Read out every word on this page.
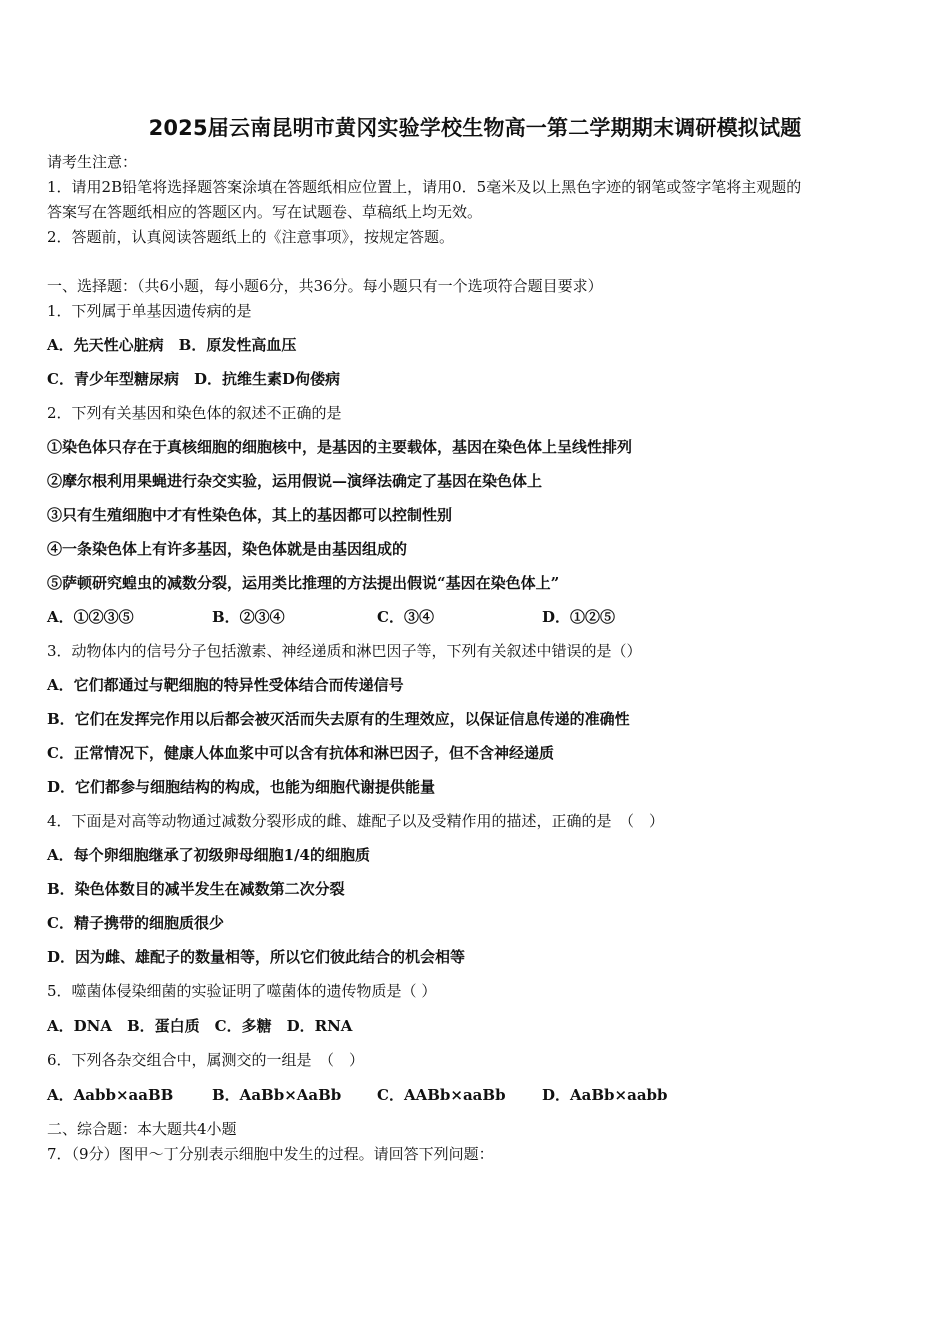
2025届云南昆明市黄冈实验学校生物高一第二学期期末调研模拟试题
请考生注意：
1．请用2B铅笔将选择题答案涂填在答题纸相应位置上，请用0．5毫米及以上黑色字迹的钢笔或签字笔将主观题的
答案写在答题纸相应的答题区内。写在试题卷、草稿纸上均无效。
2．答题前，认真阅读答题纸上的《注意事项》，按规定答题。
一、选择题：（共6小题，每小题6分，共36分。每小题只有一个选项符合题目要求）
1．下列属于单基因遗传病的是
A．先天性心脏病　B．原发性高血压
C．青少年型糖尿病　D．抗维生素D佝偻病
2．下列有关基因和染色体的叙述不正确的是
①染色体只存在于真核细胞的细胞核中，是基因的主要载体，基因在染色体上呈线性排列
②摩尔根利用果蝇进行杂交实验，运用假说—演绎法确定了基因在染色体上
③只有生殖细胞中才有性染色体，其上的基因都可以控制性别
④一条染色体上有许多基因，染色体就是由基因组成的
⑤萨顿研究蝗虫的减数分裂，运用类比推理的方法提出假说“基因在染色体上”
A．①②③⑤	B．②③④	C．③④	D．①②⑤
3．动物体内的信号分子包括激素、神经递质和淋巴因子等，下列有关叙述中错误的是（）
A．它们都通过与靶细胞的特异性受体结合而传递信号
B．它们在发挥完作用以后都会被灭活而失去原有的生理效应，以保证信息传递的准确性
C．正常情况下，健康人体血浆中可以含有抗体和淋巴因子，但不含神经递质
D．它们都参与细胞结构的构成，也能为细胞代谢提供能量
4．下面是对高等动物通过减数分裂形成的雌、雄配子以及受精作用的描述，正确的是　（　）
A．每个卵细胞继承了初级卵母细胞1/4的细胞质
B．染色体数目的减半发生在减数第二次分裂
C．精子携带的细胞质很少
D．因为雌、雄配子的数量相等，所以它们彼此结合的机会相等
5．噬菌体侵染细菌的实验证明了噬菌体的遗传物质是（ ）
A．DNA　B．蛋白质　C．多糖　D．RNA
6．下列各杂交组合中，属测交的一组是　（　）
A．Aabb×aaBB	B．AaBb×AaBb C．AABb×aaBb D．AaBb×aabb
二、综合题：本大题共4小题
7．（9分）图甲～丁分别表示细胞中发生的过程。请回答下列问题：
